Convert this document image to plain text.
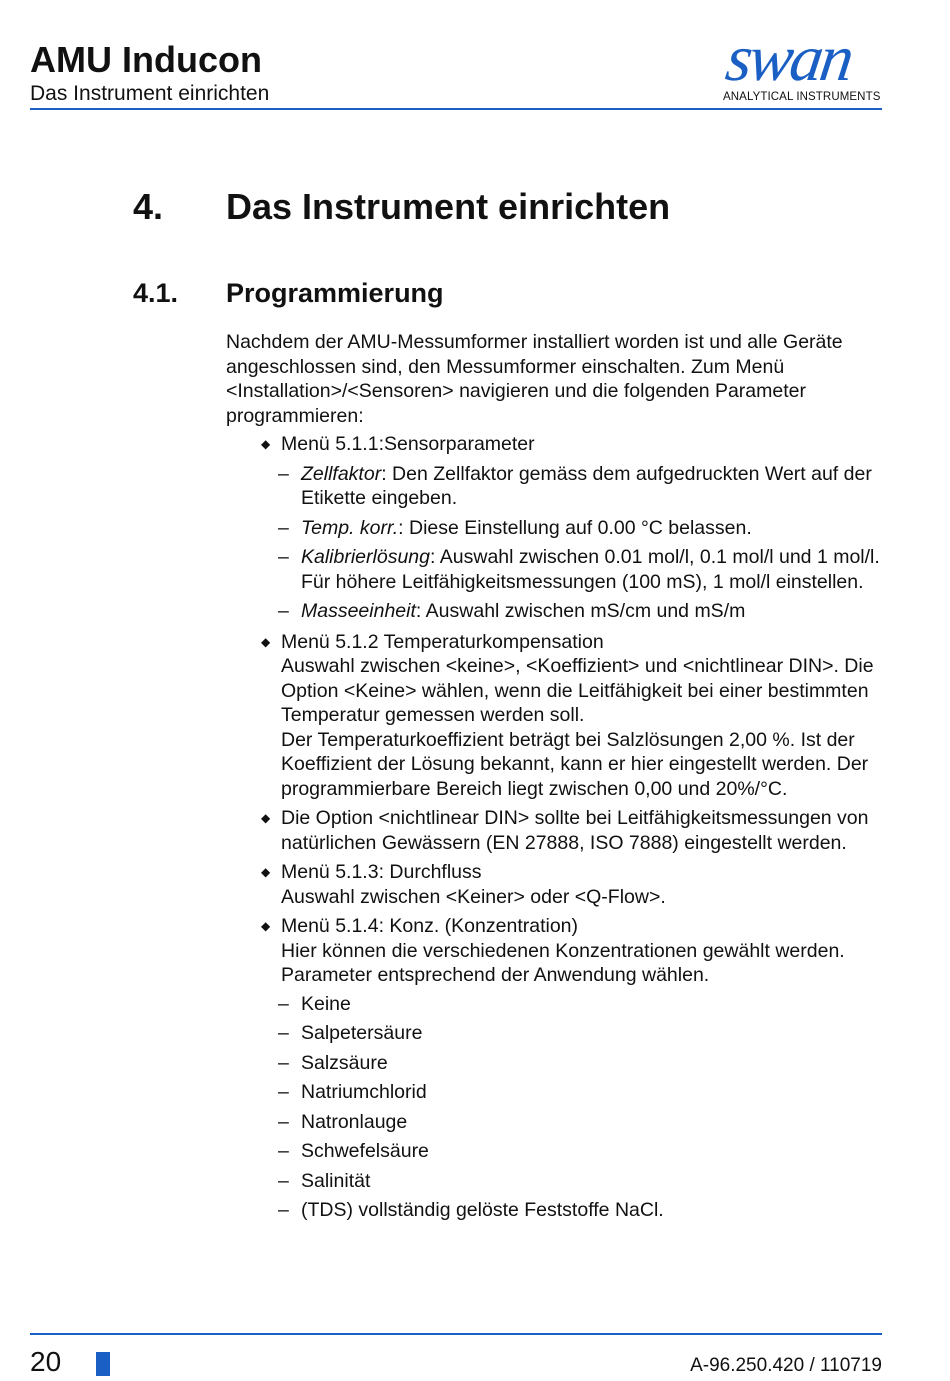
AMU Inducon
Das Instrument einrichten	swan
ANALYTICAL INSTRUMENTS
4. Das Instrument einrichten
4.1. Programmierung

Nachdem der AMU-Messumformer installiert worden ist und alle Geräte angeschlossen sind, den Messumformer einschalten. Zum Menü <Installation>/<Sensoren> navigieren und die folgenden Parameter programmieren:

◆ Menü 5.1.1:Sensorparameter
– Zellfaktor: Den Zellfaktor gemäss dem aufgedruckten Wert auf der Etikette eingeben.
– Temp. korr.: Diese Einstellung auf 0.00 °C belassen.
– Kalibrierlösung: Auswahl zwischen 0.01 mol/l, 0.1 mol/l und 1 mol/l. Für höhere Leitfähigkeitsmessungen (100 mS), 1 mol/l einstellen.
– Masseeinheit: Auswahl zwischen mS/cm und mS/m
◆ Menü 5.1.2 Temperaturkompensation
Auswahl zwischen <keine>, <Koeffizient> und <nichtlinear DIN>. Die Option <Keine> wählen, wenn die Leitfähigkeit bei einer bestimmten Temperatur gemessen werden soll.
Der Temperaturkoeffizient beträgt bei Salzlösungen 2,00 %. Ist der Koeffizient der Lösung bekannt, kann er hier eingestellt werden. Der programmierbare Bereich liegt zwischen 0,00 und 20%/°C.
◆ Die Option <nichtlinear DIN> sollte bei Leitfähigkeitsmessungen von natürlichen Gewässern (EN 27888, ISO 7888) eingestellt werden.
◆ Menü 5.1.3: Durchfluss
Auswahl zwischen <Keiner> oder <Q-Flow>.
◆ Menü 5.1.4: Konz. (Konzentration)
Hier können die verschiedenen Konzentrationen gewählt werden. Parameter entsprechend der Anwendung wählen.
– Keine
– Salpetersäure
– Salzsäure
– Natriumchlorid
– Natronlauge
– Schwefelsäure
– Salinität
– (TDS) vollständig gelöste Feststoffe NaCl.
20	A-96.250.420 / 110719
